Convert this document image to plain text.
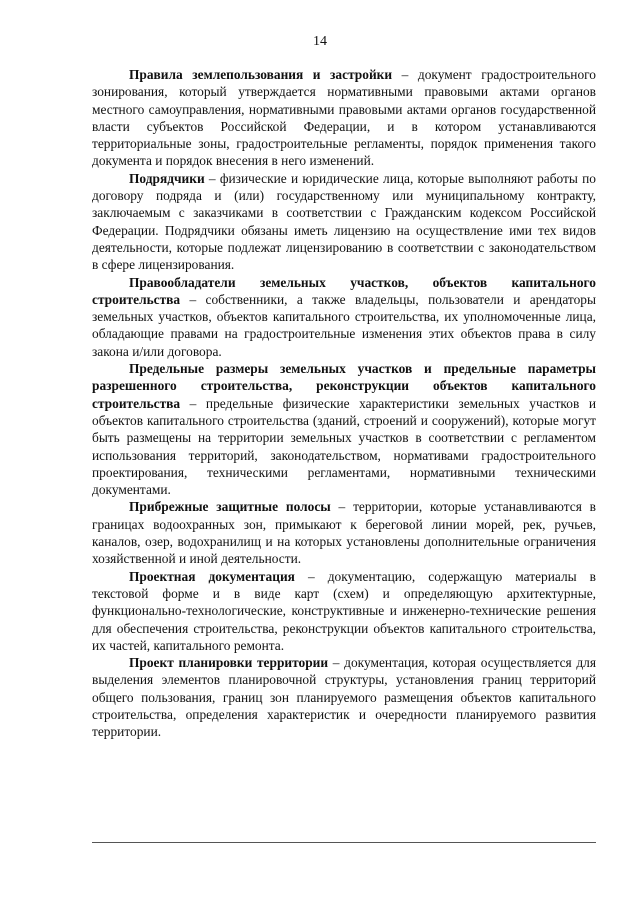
14

Правила землепользования и застройки – документ градостроительного зонирования, который утверждается нормативными правовыми актами органов местного самоуправления, нормативными правовыми актами органов государственной власти субъектов Российской Федерации, и в котором устанавливаются территориальные зоны, градостроительные регламенты, порядок применения такого документа и порядок внесения в него изменений.

Подрядчики – физические и юридические лица, которые выполняют работы по договору подряда и (или) государственному или муниципальному контракту, заключаемым с заказчиками в соответствии с Гражданским кодексом Российской Федерации. Подрядчики обязаны иметь лицензию на осуществление ими тех видов деятельности, которые подлежат лицензированию в соответствии с законодательством в сфере лицензирования.

Правообладатели земельных участков, объектов капитального строительства – собственники, а также владельцы, пользователи и арендаторы земельных участков, объектов капитального строительства, их уполномоченные лица, обладающие правами на градостроительные изменения этих объектов права в силу закона и/или договора.

Предельные размеры земельных участков и предельные параметры разрешенного строительства, реконструкции объектов капитального строительства – предельные физические характеристики земельных участков и объектов капитального строительства (зданий, строений и сооружений), которые могут быть размещены на территории земельных участков в соответствии с регламентом использования территорий, законодательством, нормативами градостроительного проектирования, техническими регламентами, нормативными техническими документами.

Прибрежные защитные полосы – территории, которые устанавливаются в границах водоохранных зон, примыкают к береговой линии морей, рек, ручьев, каналов, озер, водохранилищ и на которых установлены дополнительные ограничения хозяйственной и иной деятельности.

Проектная документация – документацию, содержащую материалы в текстовой форме и в виде карт (схем) и определяющую архитектурные, функционально-технологические, конструктивные и инженерно-технические решения для обеспечения строительства, реконструкции объектов капитального строительства, их частей, капитального ремонта.

Проект планировки территории – документация, которая осуществляется для выделения элементов планировочной структуры, установления границ территорий общего пользования, границ зон планируемого размещения объектов капитального строительства, определения характеристик и очередности планируемого развития территории.
